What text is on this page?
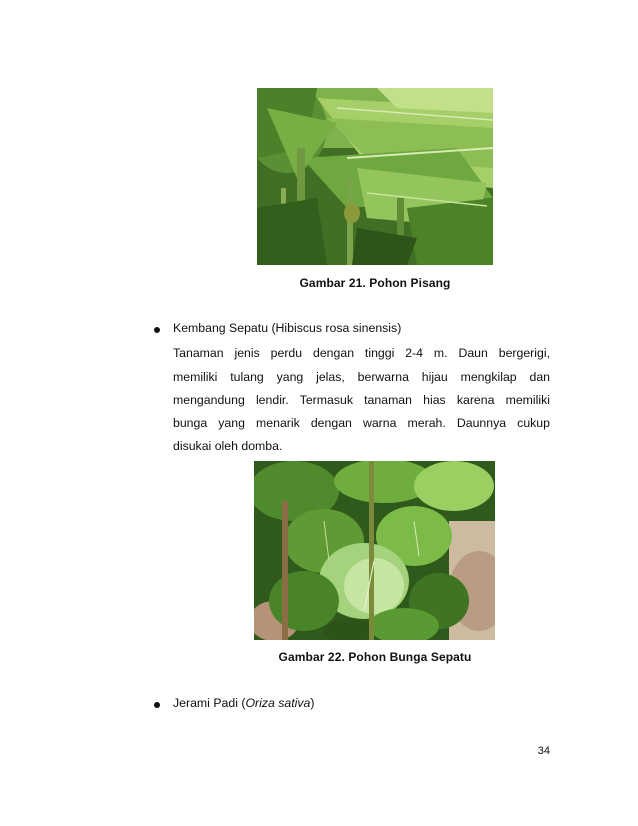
Gambar 21. Pohon Pisang
Kembang Sepatu (Hibiscus rosa sinensis)
Tanaman jenis perdu dengan tinggi 2-4 m. Daun bergerigi,
memiliki tulang yang jelas, berwarna hijau mengkilap dan
mengandung lendir. Termasuk tanaman hias karena memiliki
bunga yang menarik dengan warna merah. Daunnya cukup
disukai oleh domba.
Gambar 22. Pohon Bunga Sepatu
Jerami Padi (Oriza sativa)
34
